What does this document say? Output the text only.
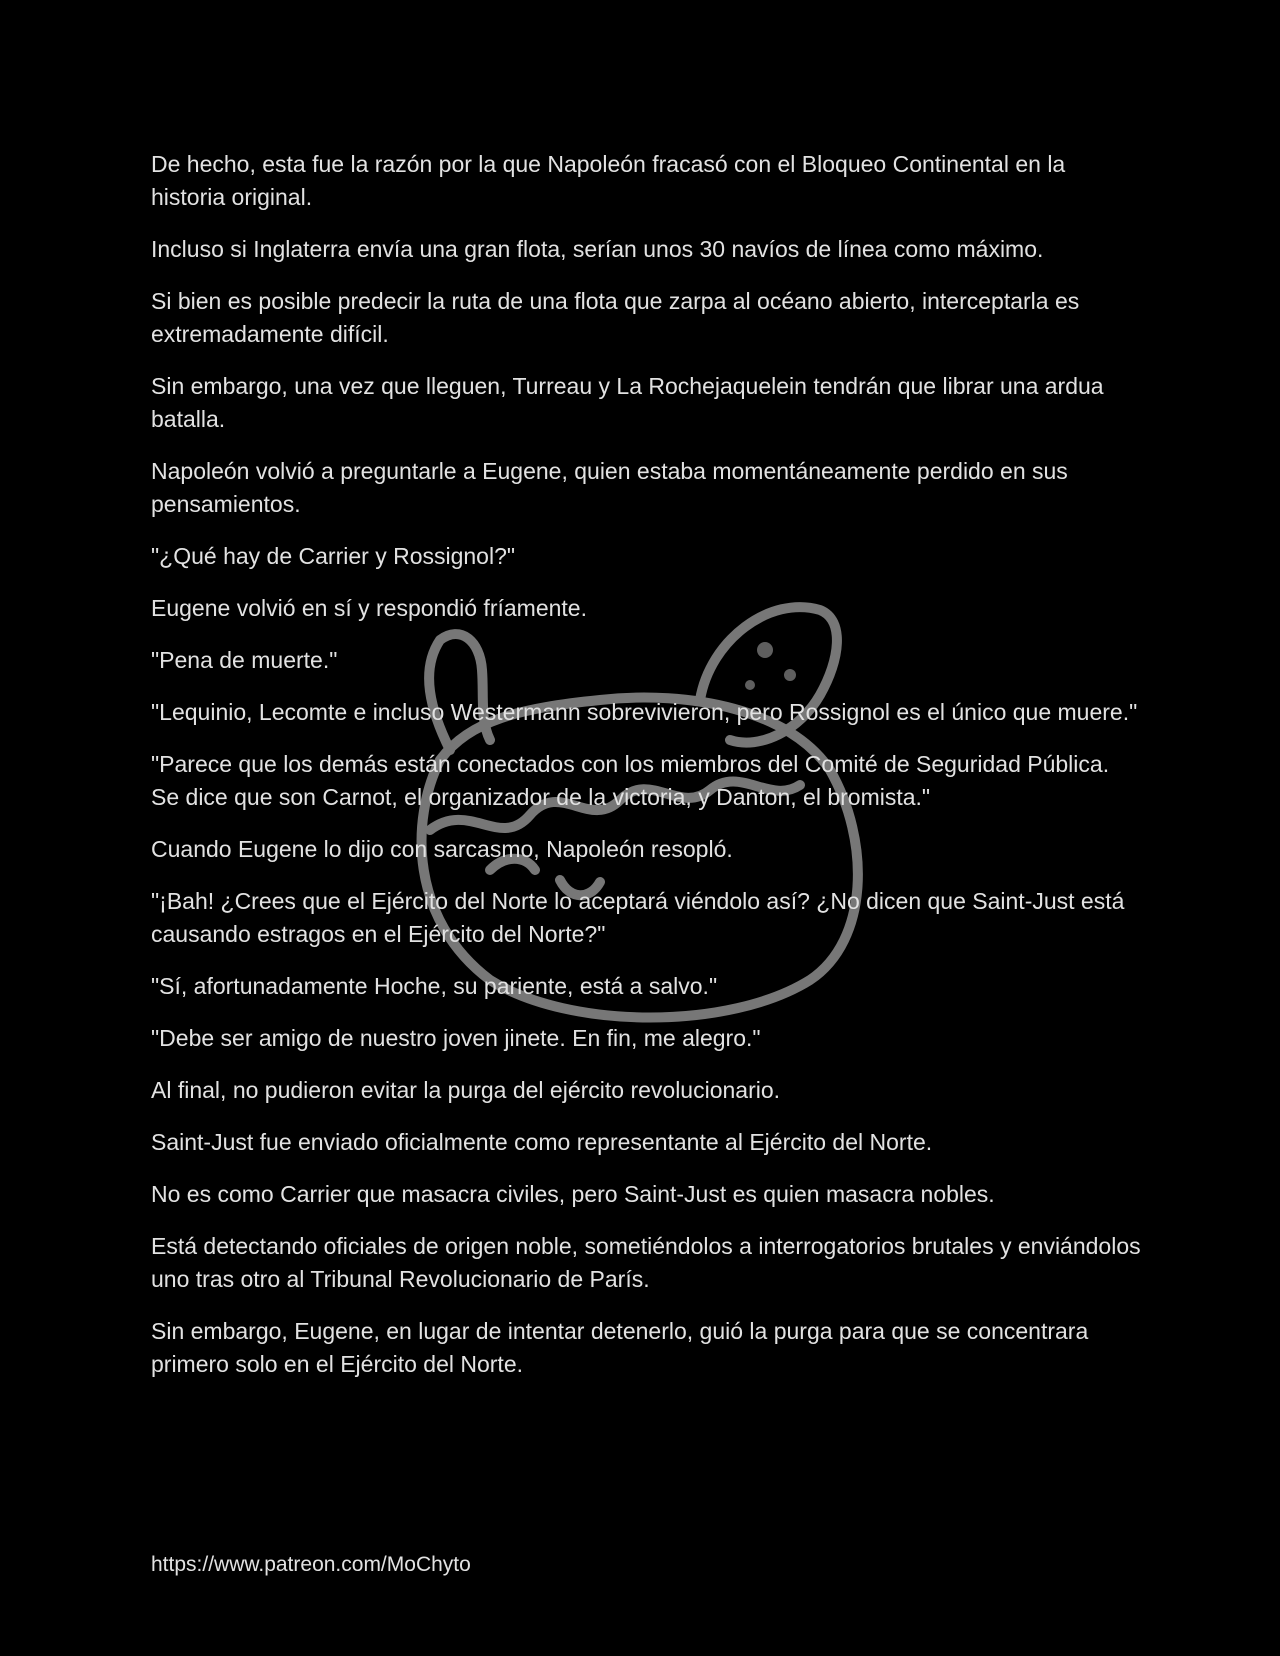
De hecho, esta fue la razón por la que Napoleón fracasó con el Bloqueo Continental en la historia original.

Incluso si Inglaterra envía una gran flota, serían unos 30 navíos de línea como máximo.

Si bien es posible predecir la ruta de una flota que zarpa al océano abierto, interceptarla es extremadamente difícil.

Sin embargo, una vez que lleguen, Turreau y La Rochejaquelein tendrán que librar una ardua batalla.

Napoleón volvió a preguntarle a Eugene, quien estaba momentáneamente perdido en sus pensamientos.

"¿Qué hay de Carrier y Rossignol?"

Eugene volvió en sí y respondió fríamente.

"Pena de muerte."

"Lequinio, Lecomte e incluso Westermann sobrevivieron, pero Rossignol es el único que muere."

"Parece que los demás están conectados con los miembros del Comité de Seguridad Pública. Se dice que son Carnot, el organizador de la victoria, y Danton, el bromista."

Cuando Eugene lo dijo con sarcasmo, Napoleón resopló.

"¡Bah! ¿Crees que el Ejército del Norte lo aceptará viéndolo así? ¿No dicen que Saint-Just está causando estragos en el Ejército del Norte?"

"Sí, afortunadamente Hoche, su pariente, está a salvo."

"Debe ser amigo de nuestro joven jinete. En fin, me alegro."

Al final, no pudieron evitar la purga del ejército revolucionario.

Saint-Just fue enviado oficialmente como representante al Ejército del Norte.

No es como Carrier que masacra civiles, pero Saint-Just es quien masacra nobles.

Está detectando oficiales de origen noble, sometiéndolos a interrogatorios brutales y enviándolos uno tras otro al Tribunal Revolucionario de París.

Sin embargo, Eugene, en lugar de intentar detenerlo, guió la purga para que se concentrara primero solo en el Ejército del Norte.

https://www.patreon.com/MoChyto
